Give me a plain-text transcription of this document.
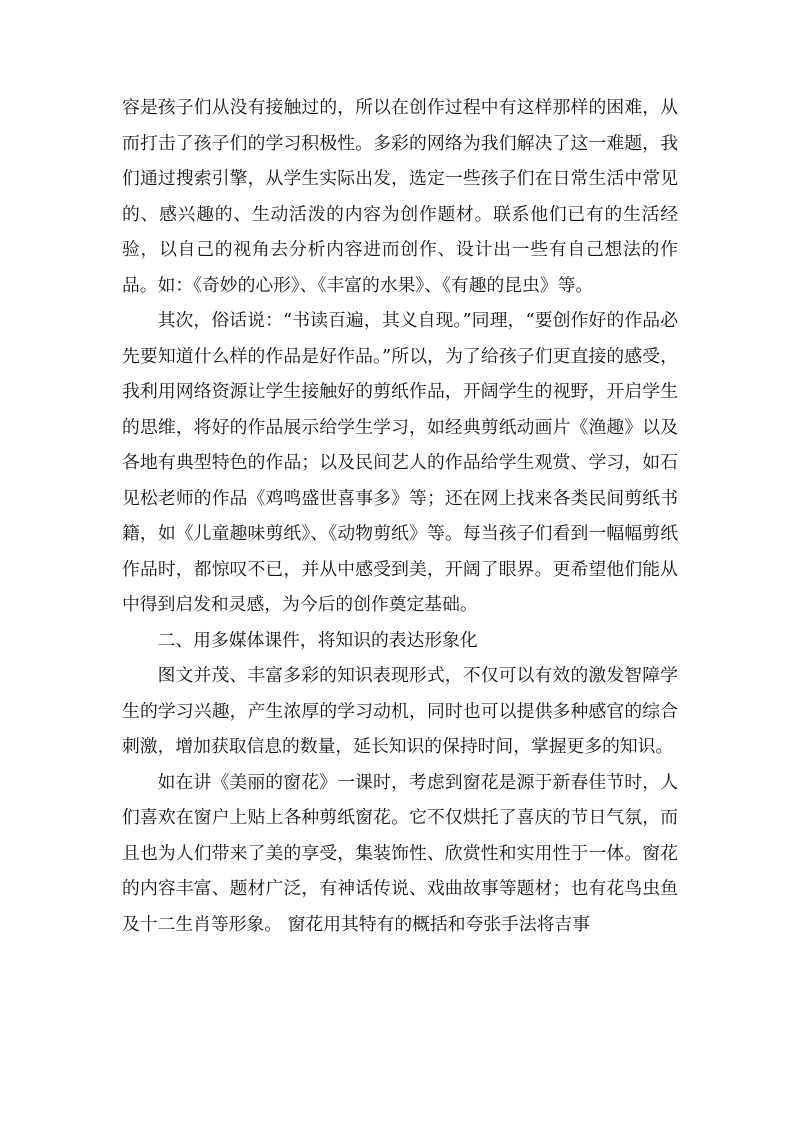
容是孩子们从没有接触过的，所以在创作过程中有这样那样的困难，从而打击了孩子们的学习积极性。多彩的网络为我们解决了这一难题，我们通过搜索引擎，从学生实际出发，选定一些孩子们在日常生活中常见的、感兴趣的、生动活泼的内容为创作题材。联系他们已有的生活经验，以自己的视角去分析内容进而创作、设计出一些有自己想法的作品。如：《奇妙的心形》、《丰富的水果》、《有趣的昆虫》等。

其次，俗话说：“书读百遍，其义自现。”同理，“要创作好的作品必先要知道什么样的作品是好作品。”所以，为了给孩子们更直接的感受，我利用网络资源让学生接触好的剪纸作品，开阔学生的视野，开启学生的思维，将好的作品展示给学生学习，如经典剪纸动画片《渔趣》以及各地有典型特色的作品；以及民间艺人的作品给学生观赏、学习，如石见松老师的作品《鸡鸣盛世喜事多》等；还在网上找来各类民间剪纸书籍，如《儿童趣味剪纸》、《动物剪纸》等。每当孩子们看到一幅幅剪纸作品时，都惊叹不已，并从中感受到美，开阔了眼界。更希望他们能从中得到启发和灵感，为今后的创作奠定基础。

二、用多媒体课件，将知识的表达形象化

图文并茂、丰富多彩的知识表现形式，不仅可以有效的激发智障学生的学习兴趣，产生浓厚的学习动机，同时也可以提供多种感官的综合刺激，增加获取信息的数量，延长知识的保持时间，掌握更多的知识。

如在讲《美丽的窗花》一课时，考虑到窗花是源于新春佳节时，人们喜欢在窗户上贴上各种剪纸窗花。它不仅烘托了喜庆的节日气氛，而且也为人们带来了美的享受，集装饰性、欣赏性和实用性于一体。窗花的内容丰富、题材广泛，有神话传说、戏曲故事等题材；也有花鸟虫鱼及十二生肖等形象。 窗花用其特有的概括和夸张手法将吉事
